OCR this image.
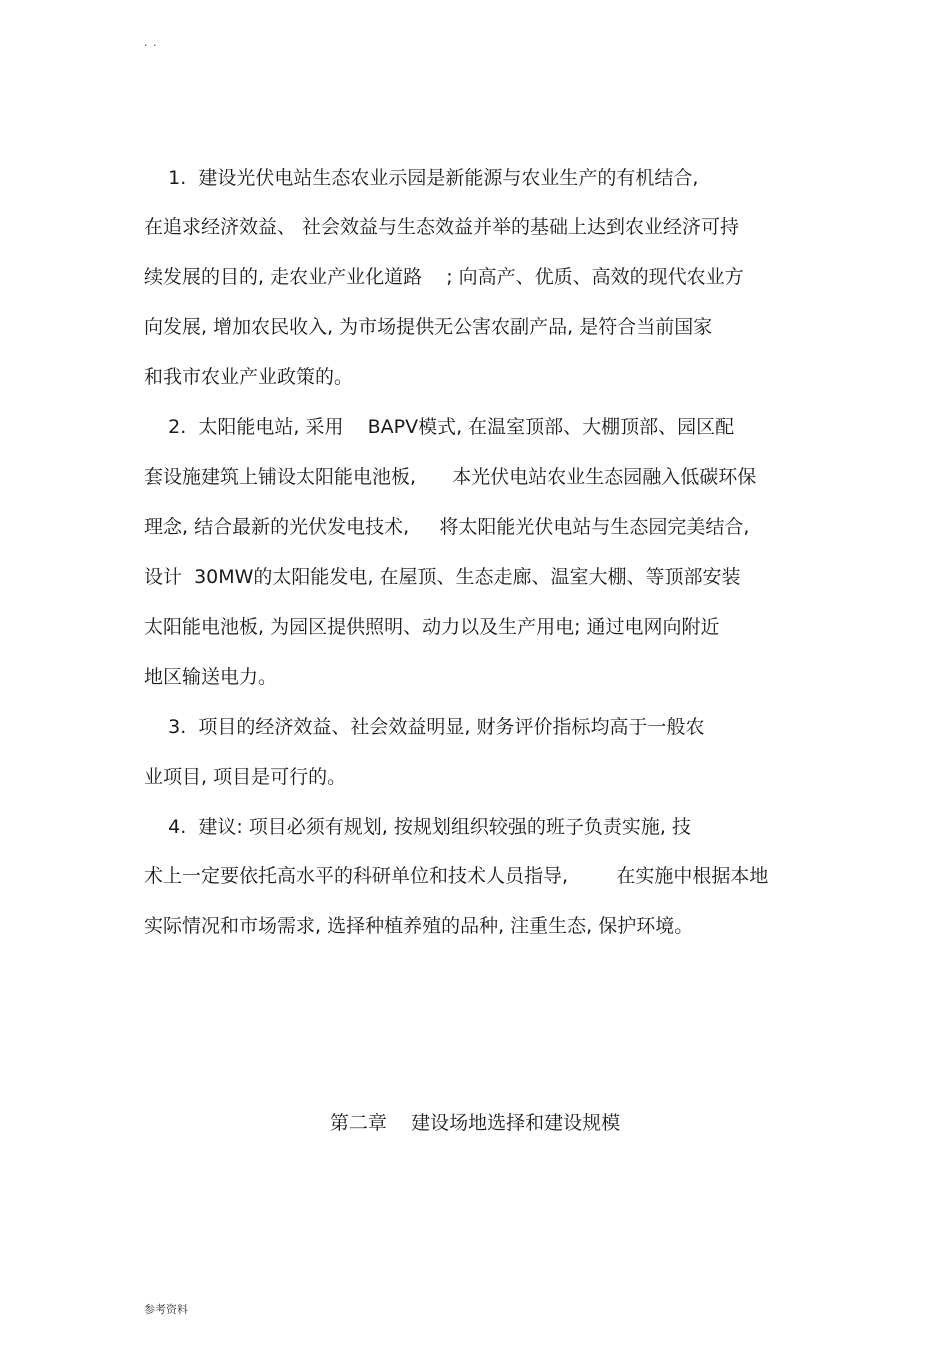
. .
1.  建设光伏电站生态农业示园是新能源与农业生产的有机结合,
在追求经济效益、 社会效益与生态效益并举的基础上达到农业经济可持
续发展的目的, 走农业产业化道路    ; 向高产、优质、高效的现代农业方
向发展, 增加农民收入, 为市场提供无公害农副产品, 是符合当前国家
和我市农业产业政策的。
2.  太阳能电站, 采用    BAPV模式, 在温室顶部、大棚顶部、园区配
套设施建筑上铺设太阳能电池板,      本光伏电站农业生态园融入低碳环保
理念, 结合最新的光伏发电技术,     将太阳能光伏电站与生态园完美结合,
设计  30MW的太阳能发电, 在屋顶、生态走廊、温室大棚、等顶部安装
太阳能电池板, 为园区提供照明、动力以及生产用电; 通过电网向附近
地区输送电力。
3.  项目的经济效益、社会效益明显, 财务评价指标均高于一般农
业项目, 项目是可行的。
4.  建议: 项目必须有规划, 按规划组织较强的班子负责实施, 技
术上一定要依托高水平的科研单位和技术人员指导,        在实施中根据本地
实际情况和市场需求, 选择种植养殖的品种, 注重生态, 保护环境。
第二章    建设场地选择和建设规模
参考资料
